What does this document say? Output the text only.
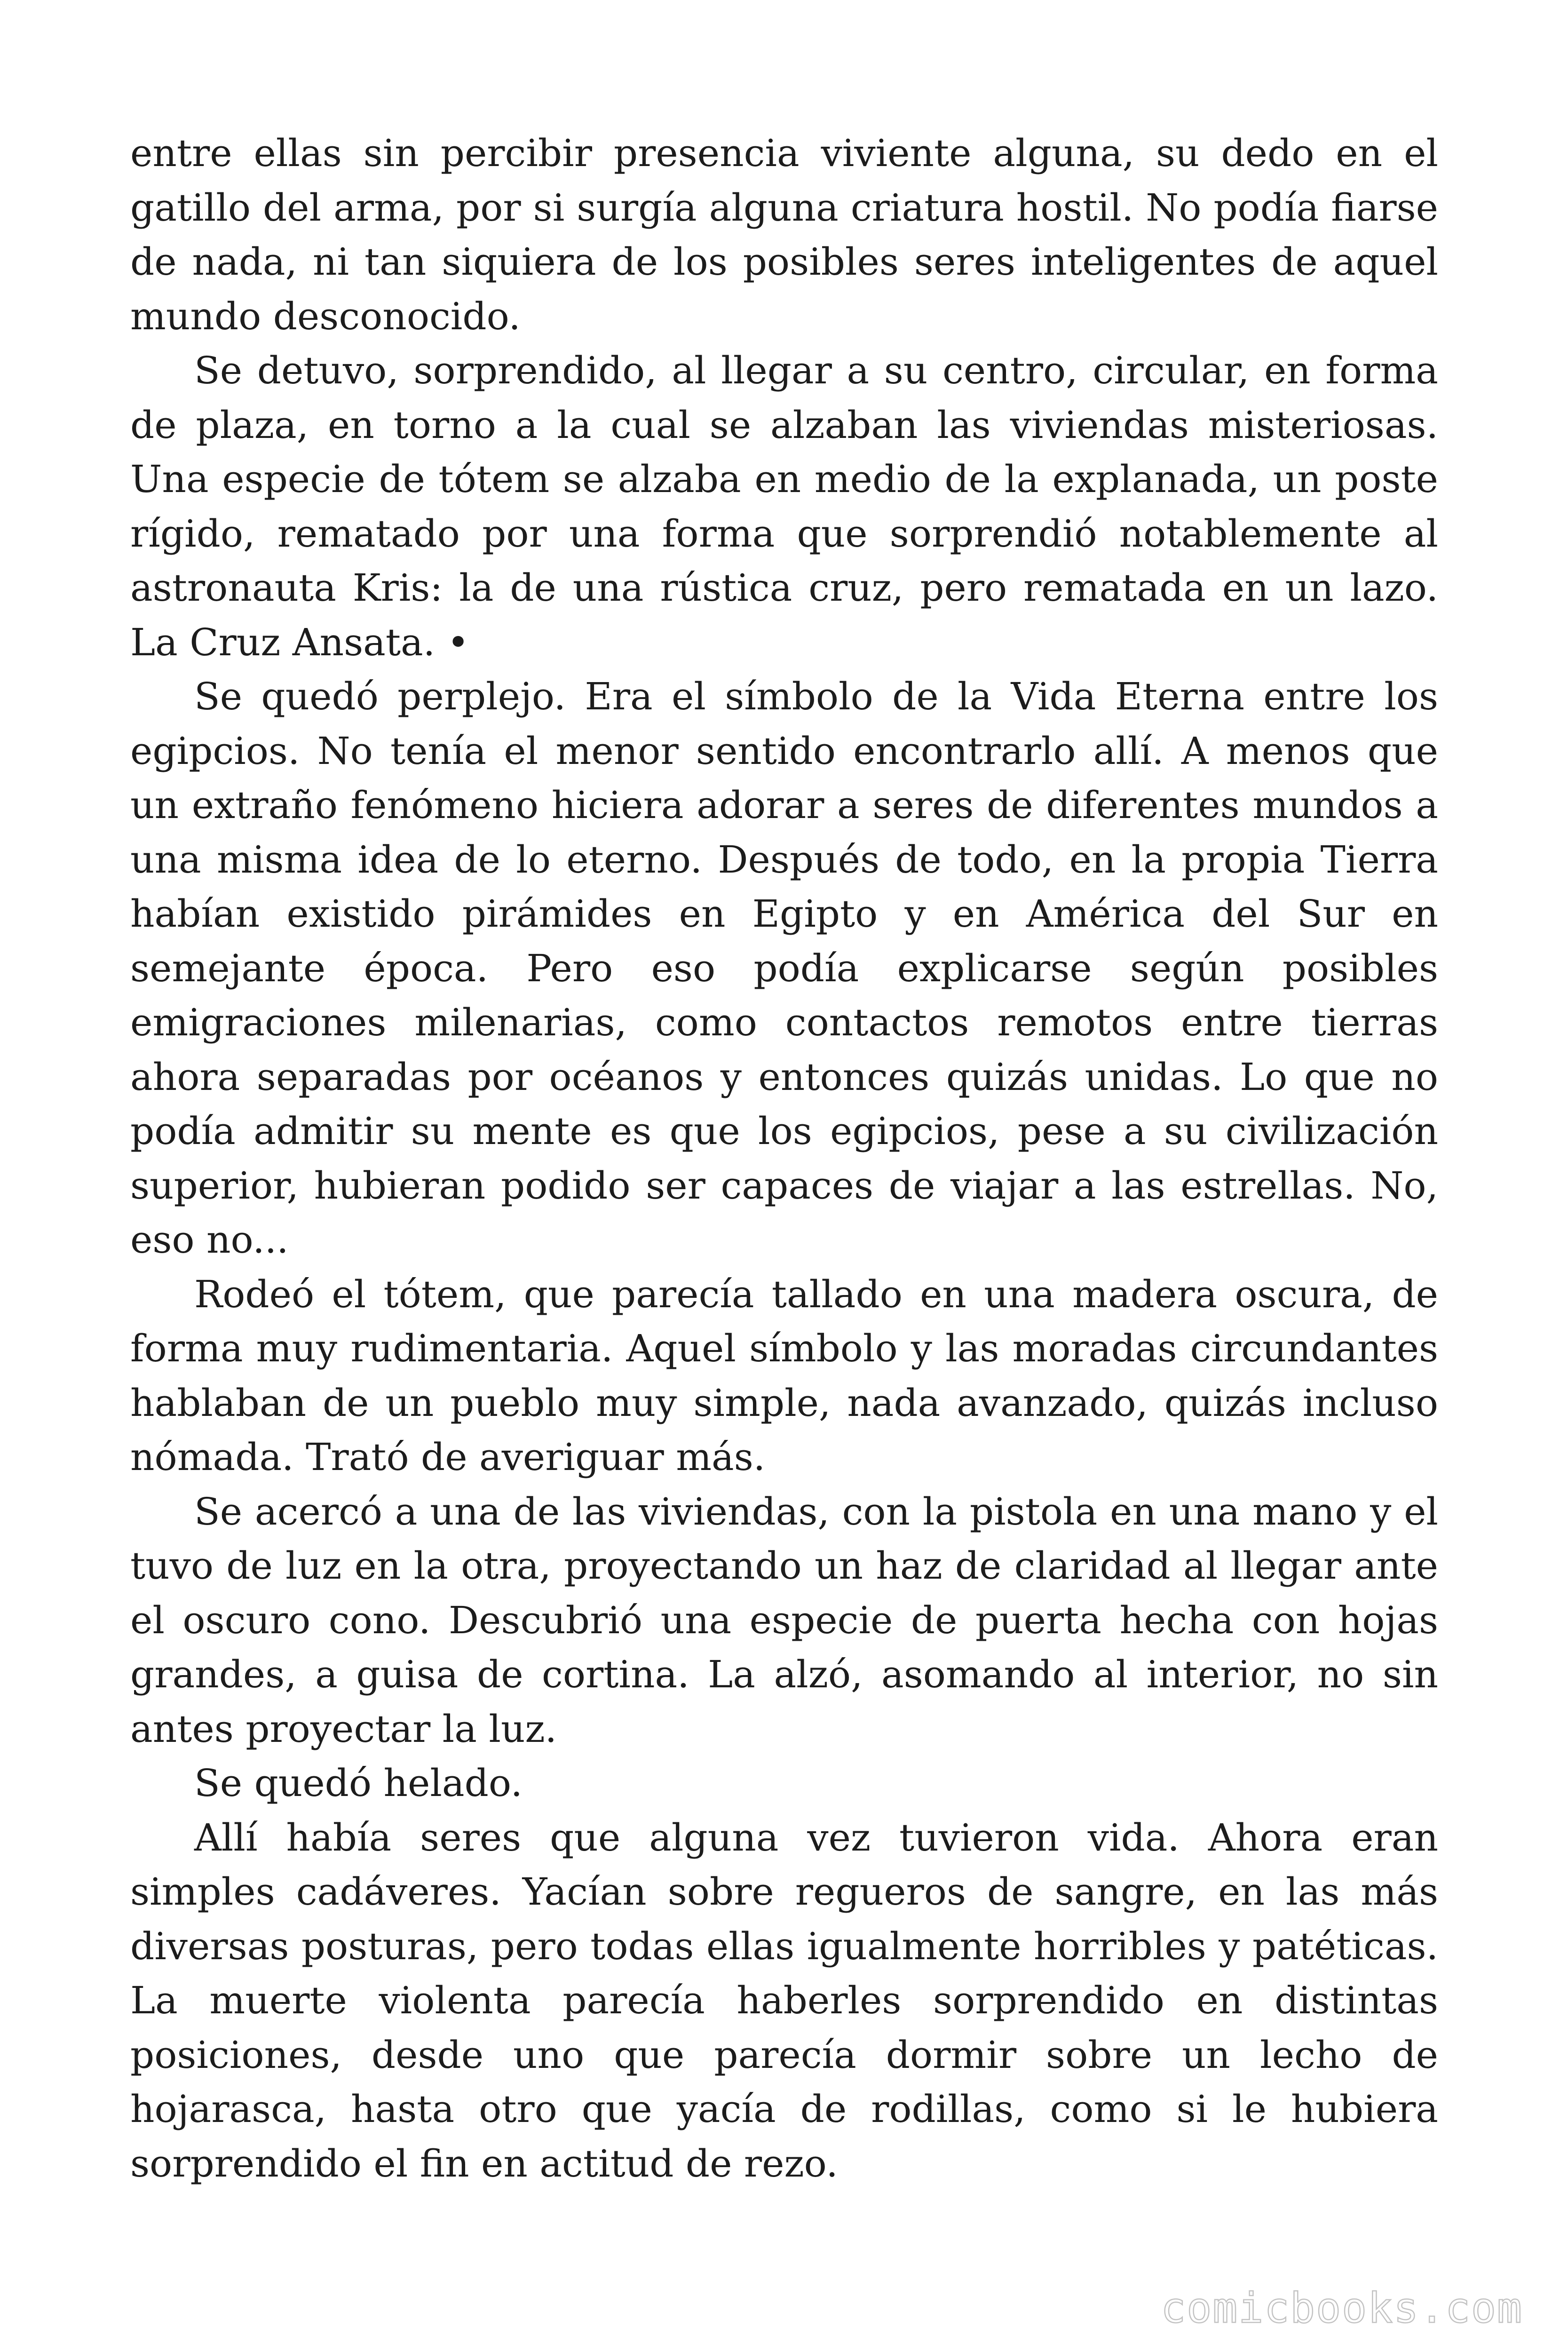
entre ellas sin percibir presencia viviente alguna, su dedo en el gatillo del arma, por si surgía alguna criatura hostil. No podía fiarse de nada, ni tan siquiera de los posibles seres inteligentes de aquel mundo desconocido.

Se detuvo, sorprendido, al llegar a su centro, circular, en forma de plaza, en torno a la cual se alzaban las viviendas misteriosas. Una especie de tótem se alzaba en medio de la explanada, un poste rígido, rematado por una forma que sorprendió notablemente al astronauta Kris: la de una rústica cruz, pero rematada en un lazo. La Cruz Ansata. •

Se quedó perplejo. Era el símbolo de la Vida Eterna entre los egipcios. No tenía el menor sentido encontrarlo allí. A menos que un extraño fenómeno hiciera adorar a seres de diferentes mundos a una misma idea de lo eterno. Después de todo, en la propia Tierra habían existido pirámides en Egipto y en América del Sur en semejante época. Pero eso podía explicarse según posibles emigraciones milenarias, como contactos remotos entre tierras ahora separadas por océanos y entonces quizás unidas. Lo que no podía admitir su mente es que los egipcios, pese a su civilización superior, hubieran podido ser capaces de viajar a las estrellas. No, eso no...

Rodeó el tótem, que parecía tallado en una madera oscura, de forma muy rudimentaria. Aquel símbolo y las moradas circundantes hablaban de un pueblo muy simple, nada avanzado, quizás incluso nómada. Trató de averiguar más.

Se acercó a una de las viviendas, con la pistola en una mano y el tuvo de luz en la otra, proyectando un haz de claridad al llegar ante el oscuro cono. Descubrió una especie de puerta hecha con hojas grandes, a guisa de cortina. La alzó, asomando al interior, no sin antes proyectar la luz.

Se quedó helado.

Allí había seres que alguna vez tuvieron vida. Ahora eran simples cadáveres. Yacían sobre regueros de sangre, en las más diversas posturas, pero todas ellas igualmente horribles y patéticas. La muerte violenta parecía haberles sorprendido en distintas posiciones, desde uno que parecía dormir sobre un lecho de hojarasca, hasta otro que yacía de rodillas, como si le hubiera sorprendido el fin en actitud de rezo.

comicbooks.com
